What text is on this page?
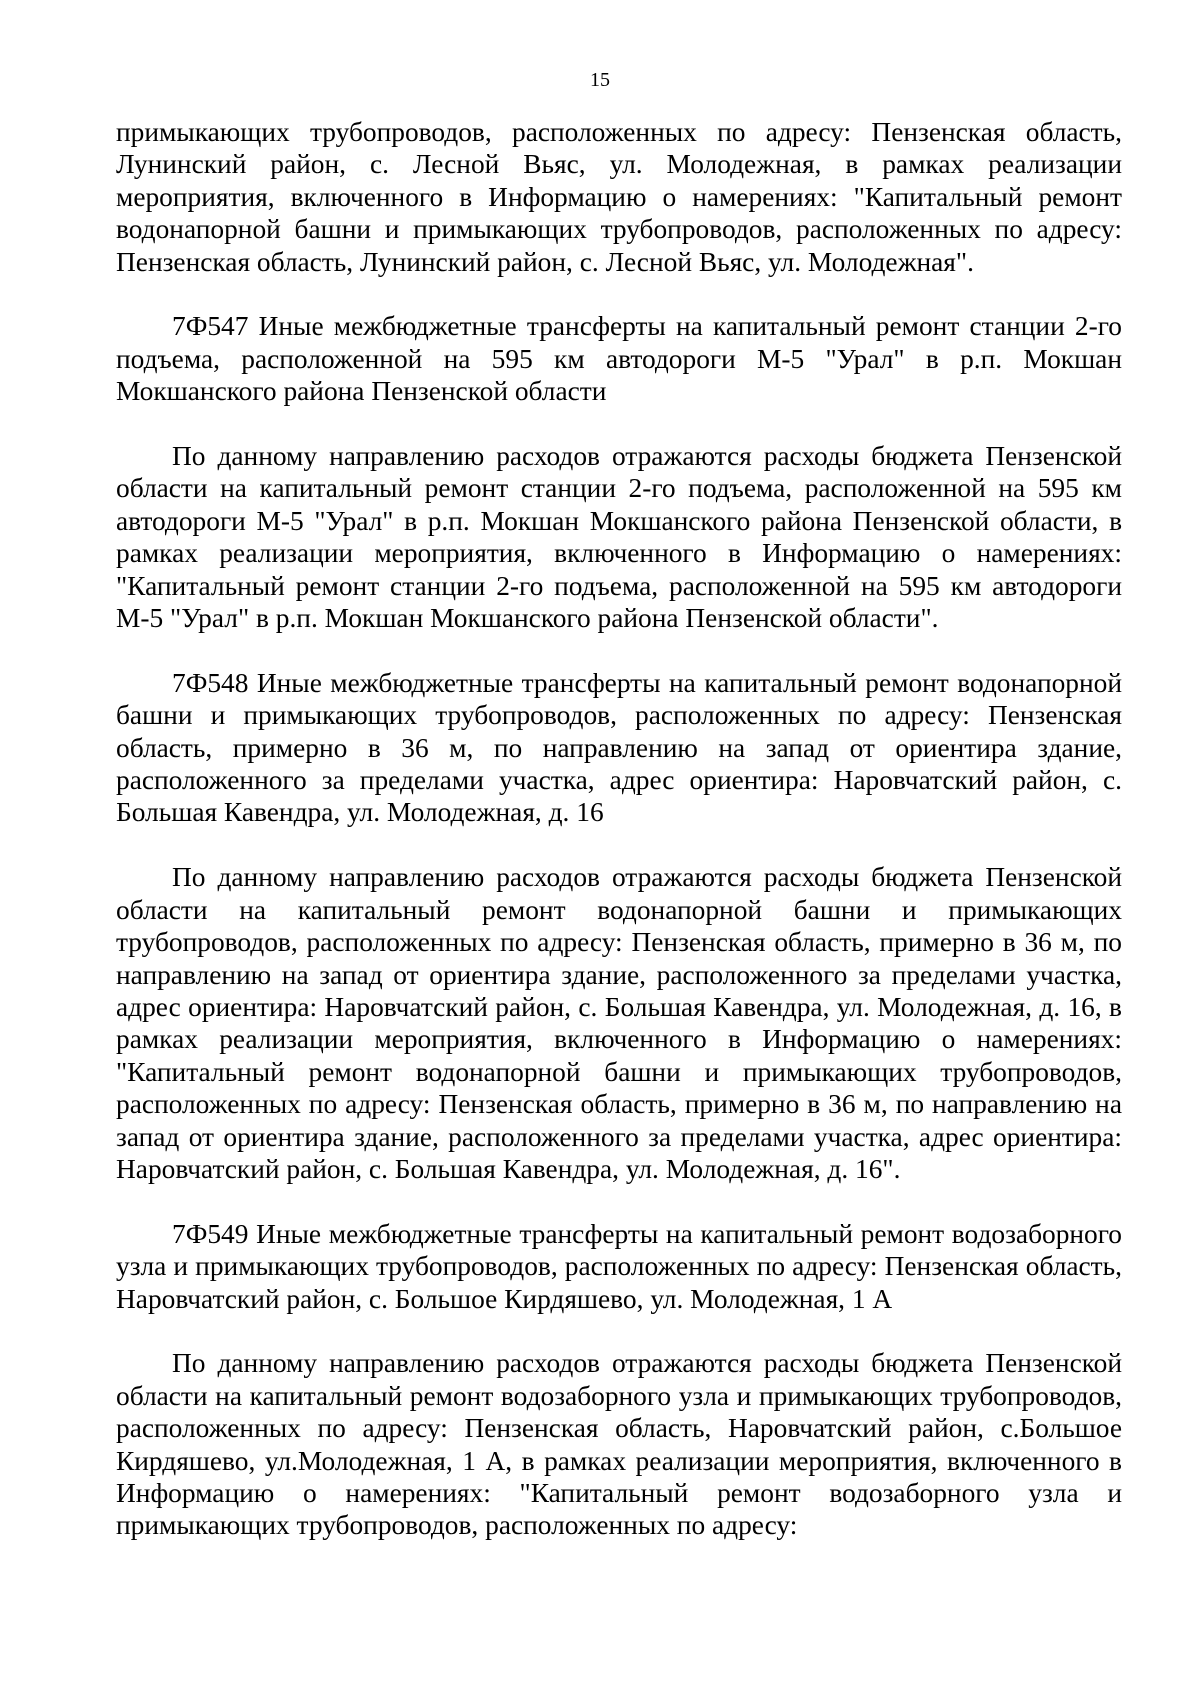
15

примыкающих трубопроводов, расположенных по адресу: Пензенская область, Лунинский район, с. Лесной Вьяс, ул. Молодежная, в рамках реализации мероприятия, включенного в Информацию о намерениях: "Капитальный ремонт водонапорной башни и примыкающих трубопроводов, расположенных по адресу: Пензенская область, Лунинский район, с. Лесной Вьяс, ул. Молодежная".

7Ф547 Иные межбюджетные трансферты на капитальный ремонт станции 2-го подъема, расположенной на 595 км автодороги М-5 "Урал" в р.п. Мокшан Мокшанского района Пензенской области

По данному направлению расходов отражаются расходы бюджета Пензенской области на капитальный ремонт станции 2-го подъема, расположенной на 595 км автодороги М-5 "Урал" в р.п. Мокшан Мокшанского района Пензенской области, в рамках реализации мероприятия, включенного в Информацию о намерениях: "Капитальный ремонт станции 2-го подъема, расположенной на 595 км автодороги М-5 "Урал" в р.п. Мокшан Мокшанского района Пензенской области".

7Ф548 Иные межбюджетные трансферты на капитальный ремонт водонапорной башни и примыкающих трубопроводов, расположенных по адресу: Пензенская область, примерно в 36 м, по направлению на запад от ориентира здание, расположенного за пределами участка, адрес ориентира: Наровчатский район, с. Большая Кавендра, ул. Молодежная, д. 16

По данному направлению расходов отражаются расходы бюджета Пензенской области на капитальный ремонт водонапорной башни и примыкающих трубопроводов, расположенных по адресу: Пензенская область, примерно в 36 м, по направлению на запад от ориентира здание, расположенного за пределами участка, адрес ориентира: Наровчатский район, с. Большая Кавендра, ул. Молодежная, д. 16, в рамках реализации мероприятия, включенного в Информацию о намерениях: "Капитальный ремонт водонапорной башни и примыкающих трубопроводов, расположенных по адресу: Пензенская область, примерно в 36 м, по направлению на запад от ориентира здание, расположенного за пределами участка, адрес ориентира: Наровчатский район, с. Большая Кавендра, ул. Молодежная, д. 16".

7Ф549 Иные межбюджетные трансферты на капитальный ремонт водозаборного узла и примыкающих трубопроводов, расположенных по адресу: Пензенская область, Наровчатский район, с. Большое Кирдяшево, ул. Молодежная, 1 А

По данному направлению расходов отражаются расходы бюджета Пензенской области на капитальный ремонт водозаборного узла и примыкающих трубопроводов, расположенных по адресу: Пензенская область, Наровчатский район, с.Большое Кирдяшево, ул.Молодежная, 1 А, в рамках реализации мероприятия, включенного в Информацию о намерениях: "Капитальный ремонт водозаборного узла и примыкающих трубопроводов, расположенных по адресу:
